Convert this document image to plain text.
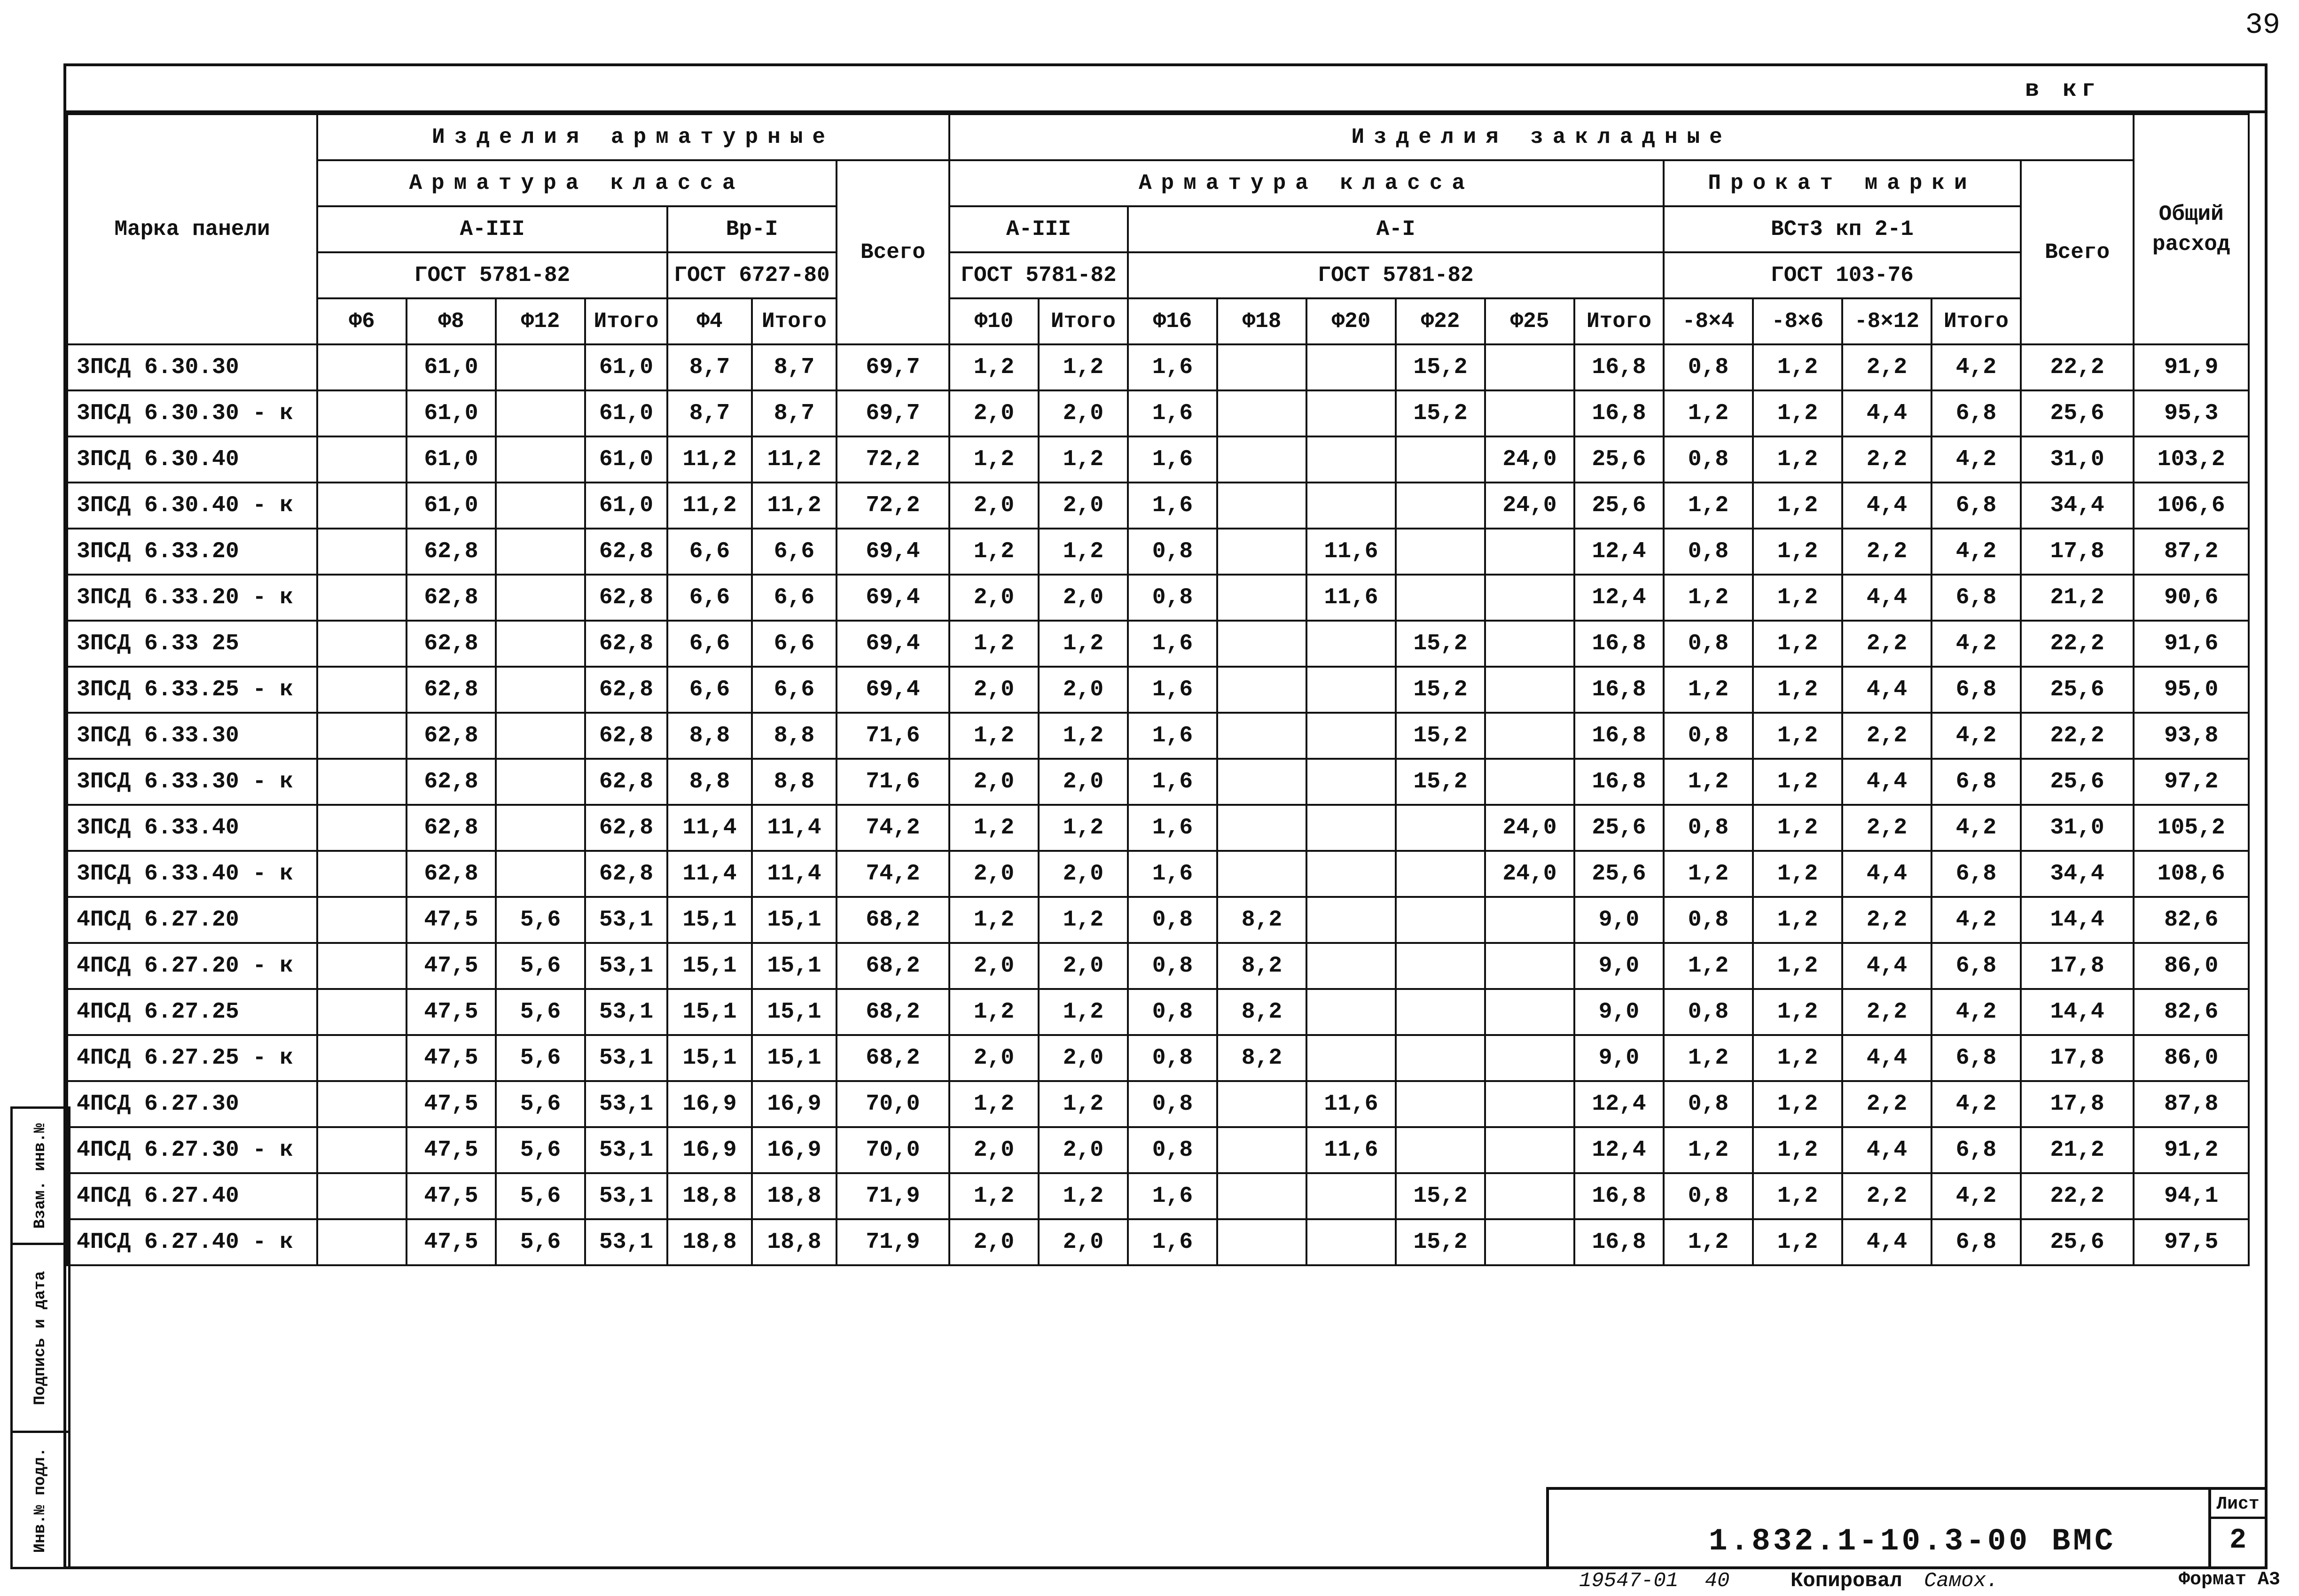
39
в кг
Марка панели	Изделия арматурные							Изделия закладные													Общий расход
	Арматура класса						Всего	Арматура класса								Прокат марки				Всего	
	A-III				Bp-I			A-III		A-I						ВСт3 кп 2-1					
	ГОСТ 5781-82				ГОСТ 6727-80			ГОСТ 5781-82		ГОСТ 5781-82						ГОСТ 103-76					
	Φ6	Φ8	Φ12	Итого	Φ4	Итого		Φ10	Итого	Φ16	Φ18	Φ20	Φ22	Φ25	Итого	-8×4	-8×6	-8×12	Итого		
3ПСД 6.30.30		61,0		61,0	8,7	8,7	69,7	1,2	1,2	1,6			15,2		16,8	0,8	1,2	2,2	4,2	22,2	91,9
3ПСД 6.30.30 - к		61,0		61,0	8,7	8,7	69,7	2,0	2,0	1,6			15,2		16,8	1,2	1,2	4,4	6,8	25,6	95,3
3ПСД 6.30.40		61,0		61,0	11,2	11,2	72,2	1,2	1,2	1,6				24,0	25,6	0,8	1,2	2,2	4,2	31,0	103,2
3ПСД 6.30.40 - к		61,0		61,0	11,2	11,2	72,2	2,0	2,0	1,6				24,0	25,6	1,2	1,2	4,4	6,8	34,4	106,6
3ПСД 6.33.20		62,8		62,8	6,6	6,6	69,4	1,2	1,2	0,8		11,6			12,4	0,8	1,2	2,2	4,2	17,8	87,2
3ПСД 6.33.20 - к		62,8		62,8	6,6	6,6	69,4	2,0	2,0	0,8		11,6			12,4	1,2	1,2	4,4	6,8	21,2	90,6
3ПСД 6.33 25		62,8		62,8	6,6	6,6	69,4	1,2	1,2	1,6			15,2		16,8	0,8	1,2	2,2	4,2	22,2	91,6
3ПСД 6.33.25 - к		62,8		62,8	6,6	6,6	69,4	2,0	2,0	1,6			15,2		16,8	1,2	1,2	4,4	6,8	25,6	95,0
3ПСД 6.33.30		62,8		62,8	8,8	8,8	71,6	1,2	1,2	1,6			15,2		16,8	0,8	1,2	2,2	4,2	22,2	93,8
3ПСД 6.33.30 - к		62,8		62,8	8,8	8,8	71,6	2,0	2,0	1,6			15,2		16,8	1,2	1,2	4,4	6,8	25,6	97,2
3ПСД 6.33.40		62,8		62,8	11,4	11,4	74,2	1,2	1,2	1,6				24,0	25,6	0,8	1,2	2,2	4,2	31,0	105,2
3ПСД 6.33.40 - к		62,8		62,8	11,4	11,4	74,2	2,0	2,0	1,6				24,0	25,6	1,2	1,2	4,4	6,8	34,4	108,6
4ПСД 6.27.20		47,5	5,6	53,1	15,1	15,1	68,2	1,2	1,2	0,8	8,2				9,0	0,8	1,2	2,2	4,2	14,4	82,6
4ПСД 6.27.20 - к		47,5	5,6	53,1	15,1	15,1	68,2	2,0	2,0	0,8	8,2				9,0	1,2	1,2	4,4	6,8	17,8	86,0
4ПСД 6.27.25		47,5	5,6	53,1	15,1	15,1	68,2	1,2	1,2	0,8	8,2				9,0	0,8	1,2	2,2	4,2	14,4	82,6
4ПСД 6.27.25 - к		47,5	5,6	53,1	15,1	15,1	68,2	2,0	2,0	0,8	8,2				9,0	1,2	1,2	4,4	6,8	17,8	86,0
4ПСД 6.27.30		47,5	5,6	53,1	16,9	16,9	70,0	1,2	1,2	0,8		11,6			12,4	0,8	1,2	2,2	4,2	17,8	87,8
4ПСД 6.27.30 - к		47,5	5,6	53,1	16,9	16,9	70,0	2,0	2,0	0,8		11,6			12,4	1,2	1,2	4,4	6,8	21,2	91,2
4ПСД 6.27.40		47,5	5,6	53,1	18,8	18,8	71,9	1,2	1,2	1,6			15,2		16,8	0,8	1,2	2,2	4,2	22,2	94,1
4ПСД 6.27.40 - к		47,5	5,6	53,1	18,8	18,8	71,9	2,0	2,0	1,6			15,2		16,8	1,2	1,2	4,4	6,8	25,6	97,5
Взам. инв.№
Подпись и дата
Инв.№ подл.	1.832.1-10.3-00 ВМС
Лист
2
19547-01 40	Копировал Самох.	Формат А3
